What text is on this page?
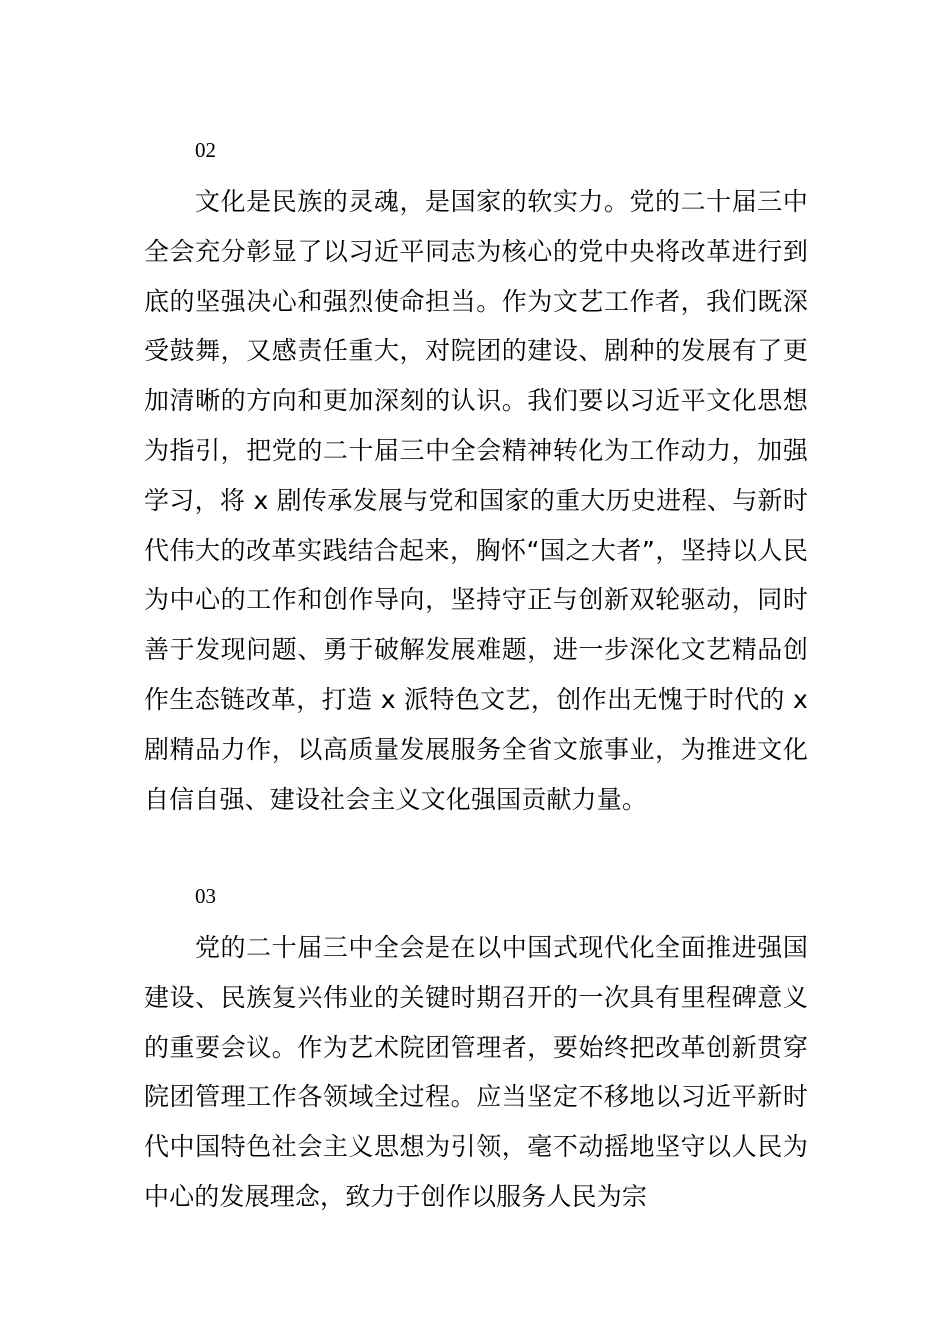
02

文化是民族的灵魂，是国家的软实力。党的二十届三中全会充分彰显了以习近平同志为核心的党中央将改革进行到底的坚强决心和强烈使命担当。作为文艺工作者，我们既深受鼓舞，又感责任重大，对院团的建设、剧种的发展有了更加清晰的方向和更加深刻的认识。我们要以习近平文化思想为指引，把党的二十届三中全会精神转化为工作动力，加强学习，将 x 剧传承发展与党和国家的重大历史进程、与新时代伟大的改革实践结合起来，胸怀“国之大者”，坚持以人民为中心的工作和创作导向，坚持守正与创新双轮驱动，同时善于发现问题、勇于破解发展难题，进一步深化文艺精品创作生态链改革，打造 x 派特色文艺，创作出无愧于时代的 x 剧精品力作，以高质量发展服务全省文旅事业，为推进文化自信自强、建设社会主义文化强国贡献力量。

03

党的二十届三中全会是在以中国式现代化全面推进强国建设、民族复兴伟业的关键时期召开的一次具有里程碑意义的重要会议。作为艺术院团管理者，要始终把改革创新贯穿院团管理工作各领域全过程。应当坚定不移地以习近平新时代中国特色社会主义思想为引领，毫不动摇地坚守以人民为中心的发展理念，致力于创作以服务人民为宗
